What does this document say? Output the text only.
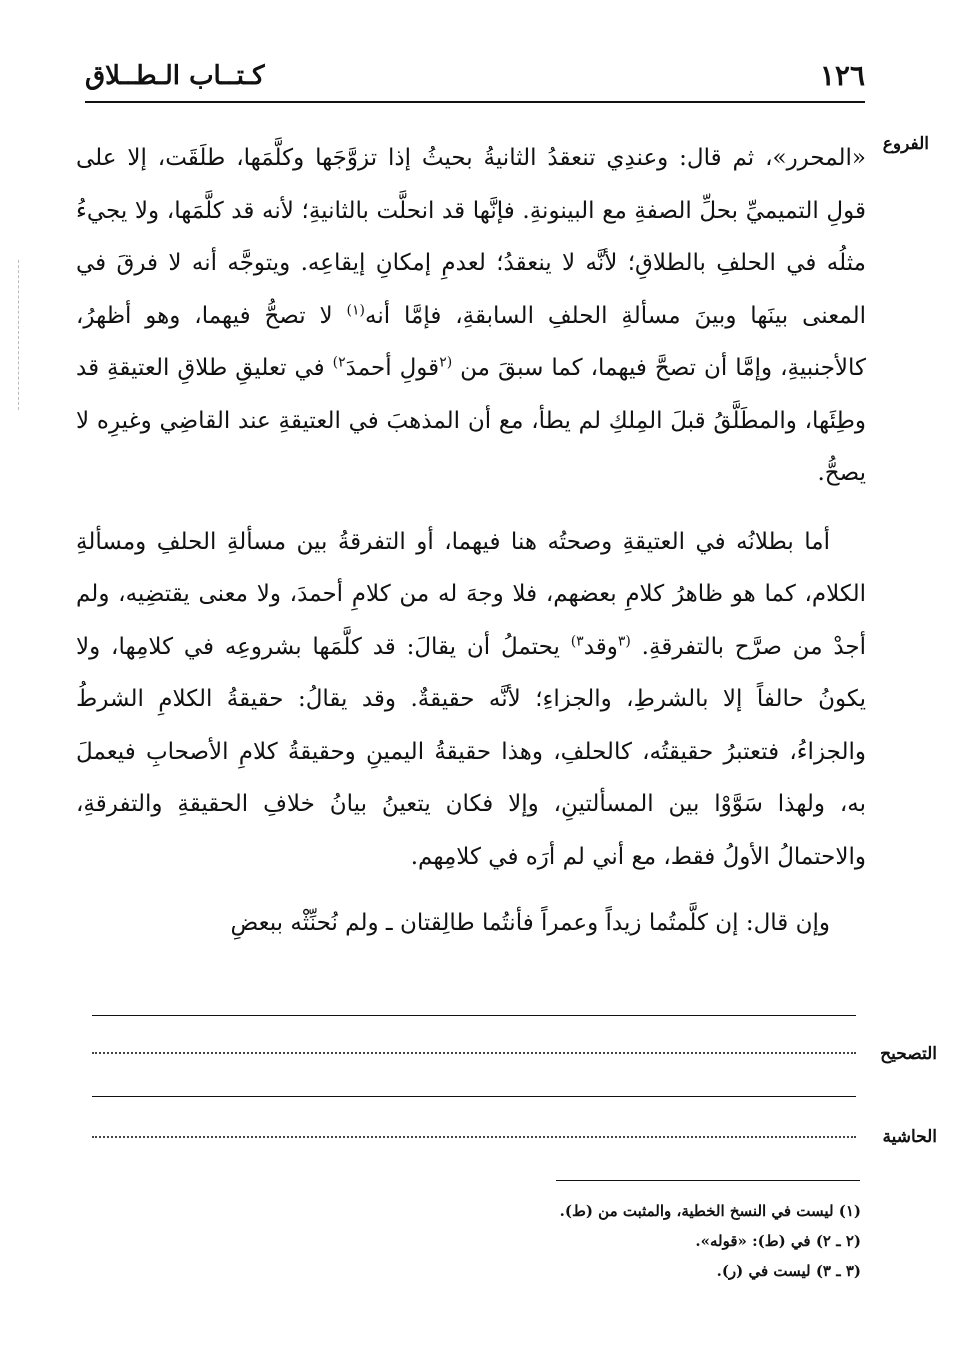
١٢٦
كـتــاب الـطــلاق
الفروع

«المحرر»، ثم قال: وعندِي تنعقدُ الثانيةُ بحيثُ إذا تزوَّجَها وكلَّمَها، طلَقَت، إلا على قولِ التميميِّ بحلِّ الصفةِ مع البينونةِ. فإنَّها قد انحلَّت بالثانيةِ؛ لأنه قد كلَّمَها، ولا يجيءُ مثلُه في الحلفِ بالطلاقِ؛ لأنَّه لا ينعقدُ؛ لعدمِ إمكانِ إيقاعِه. ويتوجَّه أنه لا فرقَ في المعنى بينَها وبينَ مسألةِ الحلفِ السابقةِ، فإمَّا أنه$^{(١)}$ لا تصحُّ فيهما، وهو أظهرُ، كالأجنبيةِ، وإمَّا أن تصحَّ فيهما، كما سبقَ من $^{(٢}$قولِ أحمدَ$^{٢)}$ في تعليقِ طلاقِ العتيقةِ قد وطِئَها، والمطَلَّقُ قبلَ المِلكِ لم يطأ، مع أن المذهبَ في العتيقةِ عند القاضِي وغيرِه لا يصحُّ.

أما بطلانُه في العتيقةِ وصحتُه هنا فيهما، أو التفرقةُ بين مسألةِ الحلفِ ومسألةِ الكلام، كما هو ظاهرُ كلامِ بعضهم، فلا وجهَ له من كلامِ أحمدَ، ولا معنى يقتضِيه، ولم أجدْ من صرَّح بالتفرقةِ. $^{(٣}$وقد$^{٣)}$ يحتملُ أن يقالَ: قد كلَّمَها بشروعِه في كلامِها، ولا يكونُ حالفاً إلا بالشرطِ، والجزاءِ؛ لأنَّه حقيقةٌ. وقد يقالُ: حقيقةُ الكلامِ الشرطُ والجزاءُ، فتعتبرُ حقيقتُه، كالحلفِ، وهذا حقيقةُ اليمينِ وحقيقةُ كلامِ الأصحابِ فيعملَ به، ولهذا سَوَّوْا بين المسألتينِ، وإلا فكان يتعينُ بيانُ خلافِ الحقيقةِ والتفرقةِ، والاحتمالُ الأولُ فقط، مع أني لم أرَه في كلامِهم.

وإن قال: إن كلَّمتُما زيداً وعمراً فأنتُما طالِقتان ـ ولم نُحنِّثْه ببعضِ

التصحيح
الحاشية
(١) ليست في النسخ الخطية، والمثبت من (ط).
(٢ ـ ٢) في (ط): «قوله».
(٣ ـ ٣) ليست في (ر).
